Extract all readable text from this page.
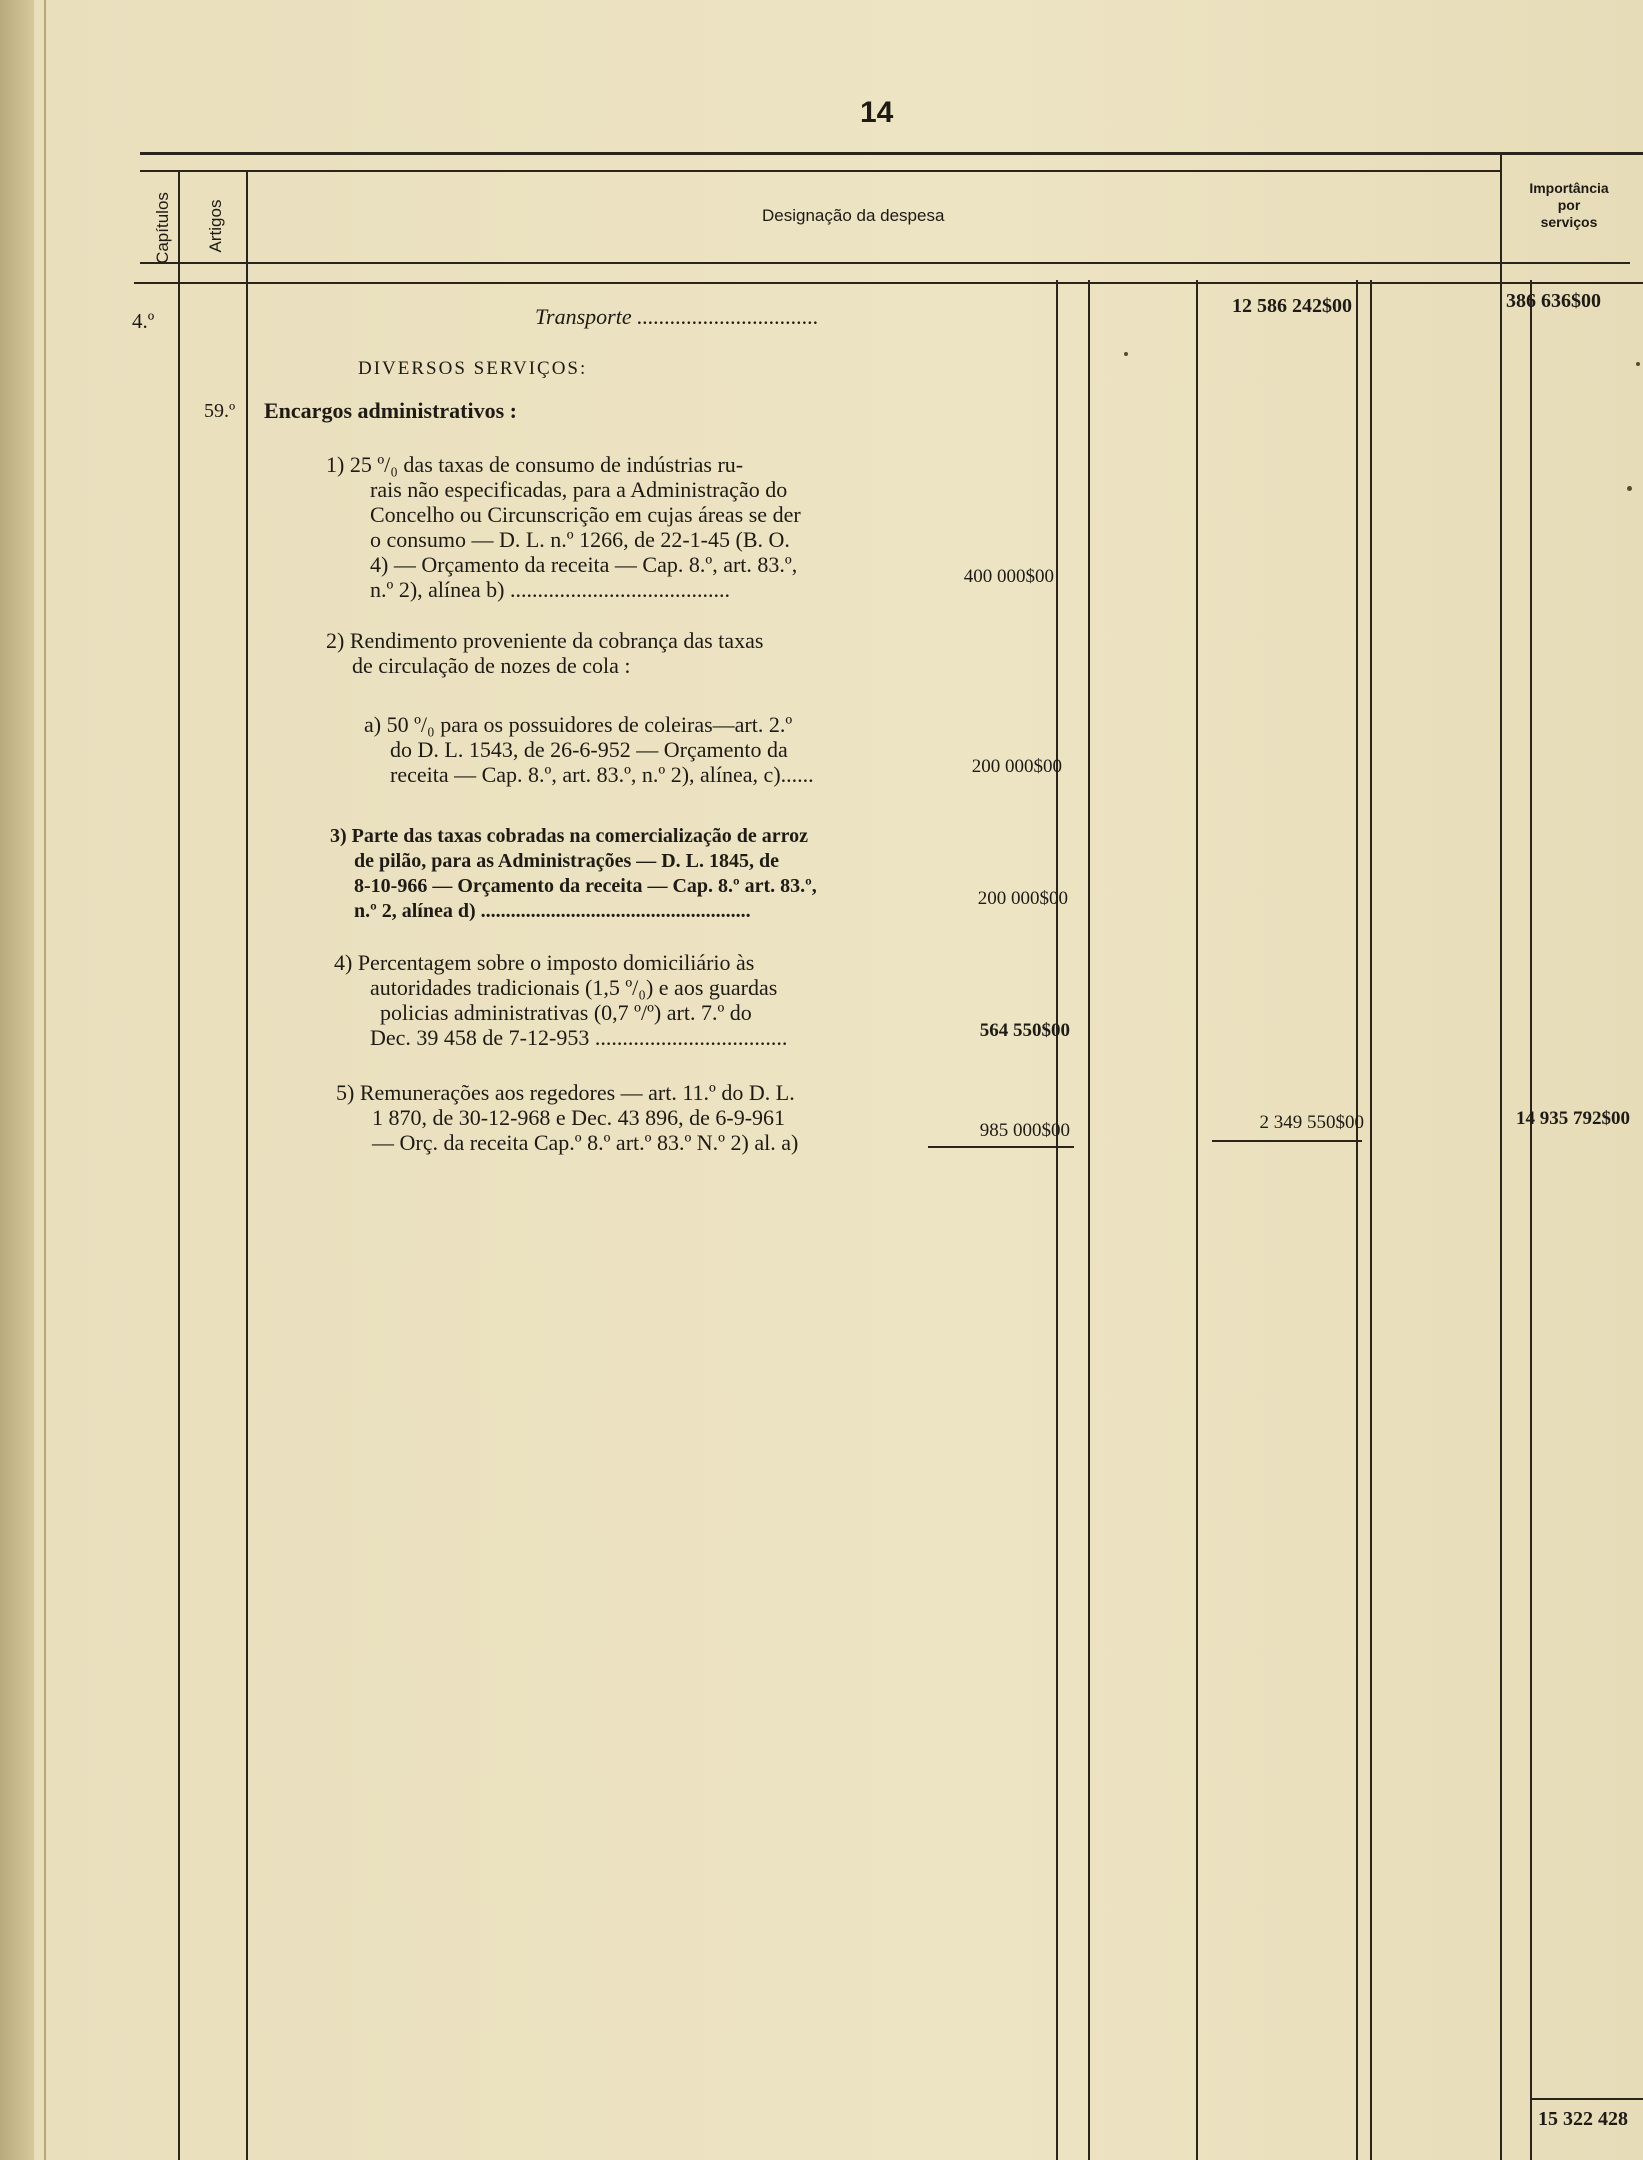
14
Capítulos Artigos	Designação da despesa
Importância
por
serviços
4.º	Transporte .................................	12 586 242$00	386 636$00
DIVERSOS SERVIÇOS:
59.º Encargos administrativos :
1) 25 º/₀ das taxas de consumo de indústrias ru-
rais não especificadas, para a Administração do
Concelho ou Circunscrição em cujas áreas se der
o consumo — D. L. n.º 1266, de 22-1-45 (B. O.
4) — Orçamento da receita — Cap. 8.º, art. 83.º,
n.º 2), alínea b) ........................................
400 000$00
2) Rendimento proveniente da cobrança das taxas
de circulação de nozes de cola :
a) 50 º/₀ para os possuidores de coleiras—art. 2.º
do D. L. 1543, de 26-6-952 — Orçamento da
receita — Cap. 8.º, art. 83.º, n.º 2), alínea, c)......	200 000$00
3) Parte das taxas cobradas na comercialização de arroz
de pilão, para as Administrações — D. L. 1845, de
8-10-966 — Orçamento da receita — Cap. 8.º art. 83.º,
n.º 2, alínea d) ......................................................
200 000$00
4) Percentagem sobre o imposto domiciliário às
autoridades tradicionais (1,5 º/₀) e aos guardas
policias administrativas (0,7 º/º) art. 7.º do
Dec. 39 458 de 7-12-953 ...................................	564 550$00
5) Remunerações aos regedores — art. 11.º do D. L.
1 870, de 30-12-968 e Dec. 43 896, de 6-9-961
— Orç. da receita Cap.º 8.º art.º 83.º N.º 2) al. a)	985 000$00	2 349 550$00	14 935 792$00
15 322 428
